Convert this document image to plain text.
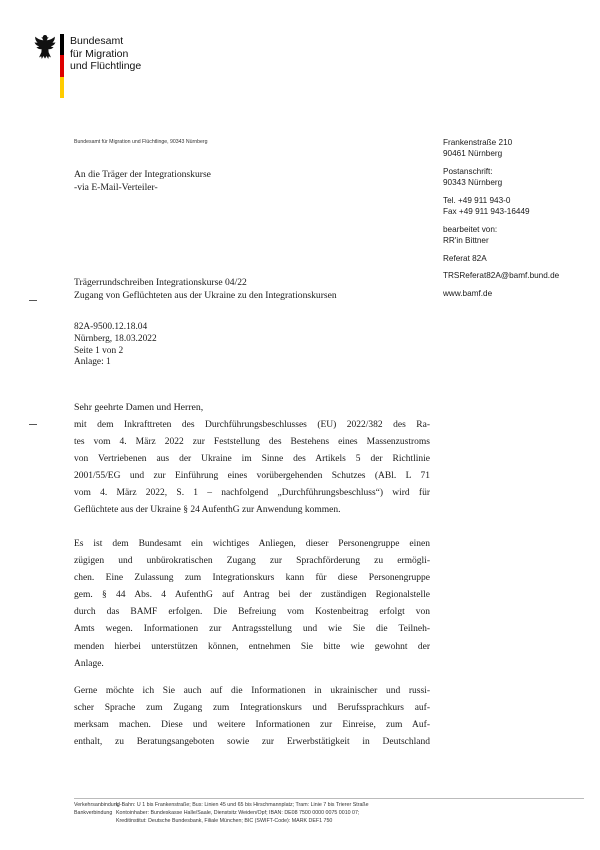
Bundesamt
für Migration
und Flüchtlinge
Bundesamt für Migration und Flüchtlinge, 90343 Nürnberg
An die Träger der Integrationskurse
-via E-Mail-Verteiler-
Frankenstraße 210
90461 Nürnberg
Postanschrift:
90343 Nürnberg
Tel. +49 911 943-0
Fax +49 911 943-16449
bearbeitet von:
RR'in Bittner
Referat 82A
TRSReferat82A@bamf.bund.de
www.bamf.de
Trägerrundschreiben Integrationskurse 04/22
Zugang von Geflüchteten aus der Ukraine zu den Integrationskursen
82A-9500.12.18.04
Nürnberg, 18.03.2022
Seite 1 von 2
Anlage: 1
Sehr geehrte Damen und Herren,
mit dem Inkrafttreten des Durchführungsbeschlusses (EU) 2022/382 des Ra-
tes vom 4. März 2022 zur Feststellung des Bestehens eines Massenzustroms
von Vertriebenen aus der Ukraine im Sinne des Artikels 5 der Richtlinie
2001/55/EG und zur Einführung eines vorübergehenden Schutzes (ABl. L 71
vom 4. März 2022, S. 1 – nachfolgend „Durchführungsbeschluss“) wird für
Geflüchtete aus der Ukraine § 24 AufenthG zur Anwendung kommen.
Es ist dem Bundesamt ein wichtiges Anliegen, dieser Personengruppe einen
zügigen und unbürokratischen Zugang zur Sprachförderung zu ermögli-
chen. Eine Zulassung zum Integrationskurs kann für diese Personengruppe
gem. § 44 Abs. 4 AufenthG auf Antrag bei der zuständigen Regionalstelle
durch das BAMF erfolgen. Die Befreiung vom Kostenbeitrag erfolgt von
Amts wegen. Informationen zur Antragsstellung und wie Sie die Teilneh-
menden hierbei unterstützen können, entnehmen Sie bitte wie gewohnt der
Anlage.
Gerne möchte ich Sie auch auf die Informationen in ukrainischer und russi-
scher Sprache zum Zugang zum Integrationskurs und Berufssprachkurs auf-
merksam machen. Diese und weitere Informationen zur Einreise, zum Auf-
enthalt, zu Beratungsangeboten sowie zur Erwerbstätigkeit in Deutschland
Verkehrsanbindung
U-Bahn: U 1 bis Frankenstraße; Bus: Linien 45 und 65 bis Hirschmannplatz; Tram: Linie 7 bis Trierer Straße
Bankverbindung Kontoinhaber: Bundeskasse Halle/Saale, Dienstsitz Weiden/Opf; IBAN: DE08 7500 0000 0075 0010 07;
Kreditinstitut: Deutsche Bundesbank, Filiale München; BIC (SWIFT-Code): MARK DEF1 750
